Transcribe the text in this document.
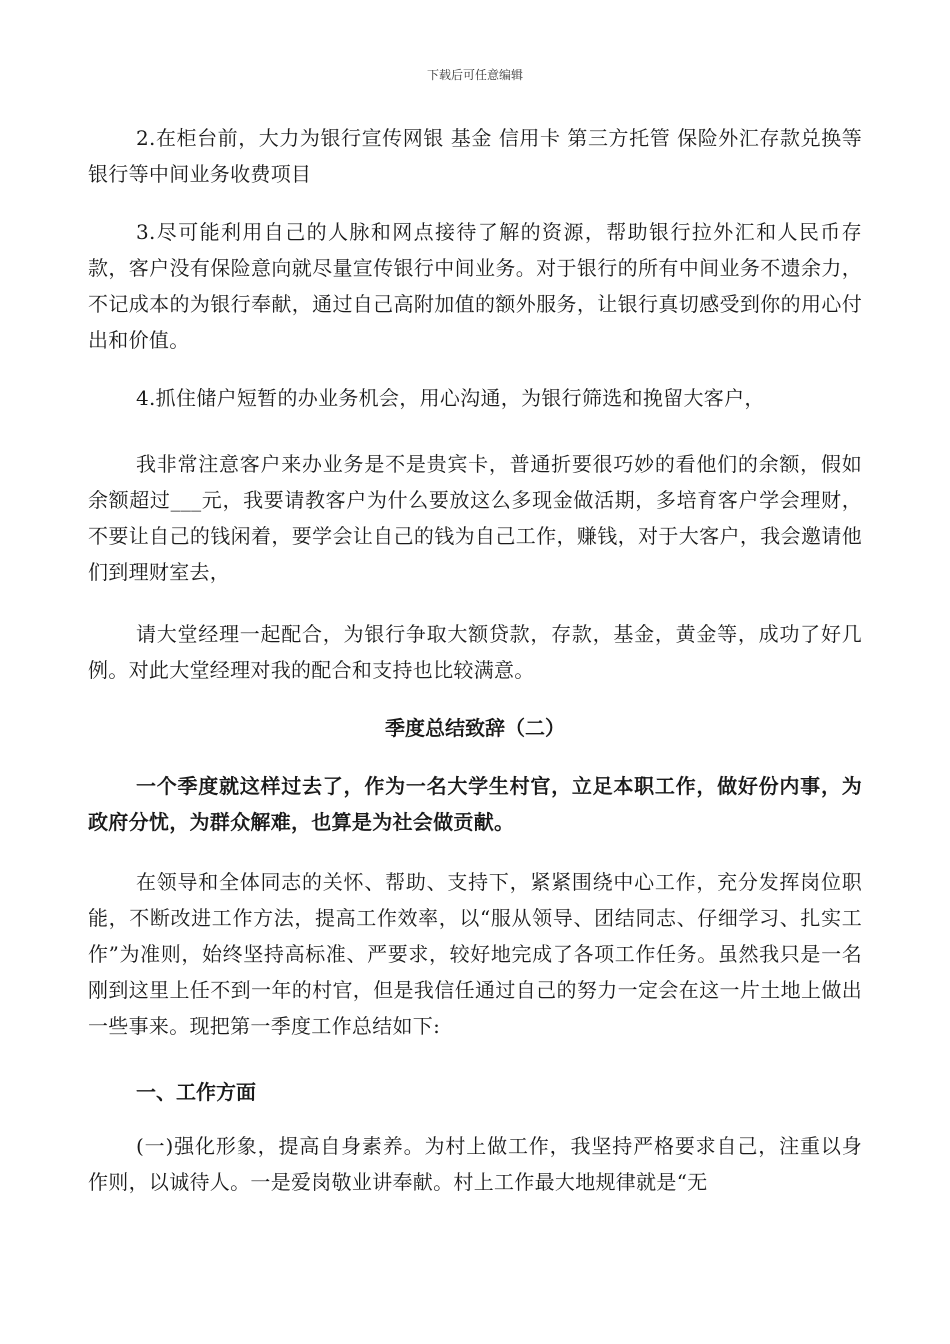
下载后可任意编辑

2.在柜台前，大力为银行宣传网银 基金 信用卡 第三方托管 保险外汇存款兑换等银行等中间业务收费项目

3.尽可能利用自己的人脉和网点接待了解的资源，帮助银行拉外汇和人民币存款，客户没有保险意向就尽量宣传银行中间业务。对于银行的所有中间业务不遗余力，不记成本的为银行奉献，通过自己高附加值的额外服务，让银行真切感受到你的用心付出和价值。

4.抓住储户短暂的办业务机会，用心沟通，为银行筛选和挽留大客户，

我非常注意客户来办业务是不是贵宾卡，普通折要很巧妙的看他们的余额，假如余额超过___元，我要请教客户为什么要放这么多现金做活期，多培育客户学会理财，不要让自己的钱闲着，要学会让自己的钱为自己工作，赚钱，对于大客户，我会邀请他们到理财室去，

请大堂经理一起配合，为银行争取大额贷款，存款，基金，黄金等，成功了好几例。对此大堂经理对我的配合和支持也比较满意。

季度总结致辞（二）

一个季度就这样过去了，作为一名大学生村官，立足本职工作，做好份内事，为政府分忧，为群众解难，也算是为社会做贡献。

在领导和全体同志的关怀、帮助、支持下，紧紧围绕中心工作，充分发挥岗位职能，不断改进工作方法，提高工作效率，以“服从领导、团结同志、仔细学习、扎实工作”为准则，始终坚持高标准、严要求，较好地完成了各项工作任务。虽然我只是一名刚到这里上任不到一年的村官，但是我信任通过自己的努力一定会在这一片土地上做出一些事来。现把第一季度工作总结如下:

一、工作方面

(一)强化形象，提高自身素养。为村上做工作，我坚持严格要求自己，注重以身作则，以诚待人。一是爱岗敬业讲奉献。村上工作最大地规律就是“无
